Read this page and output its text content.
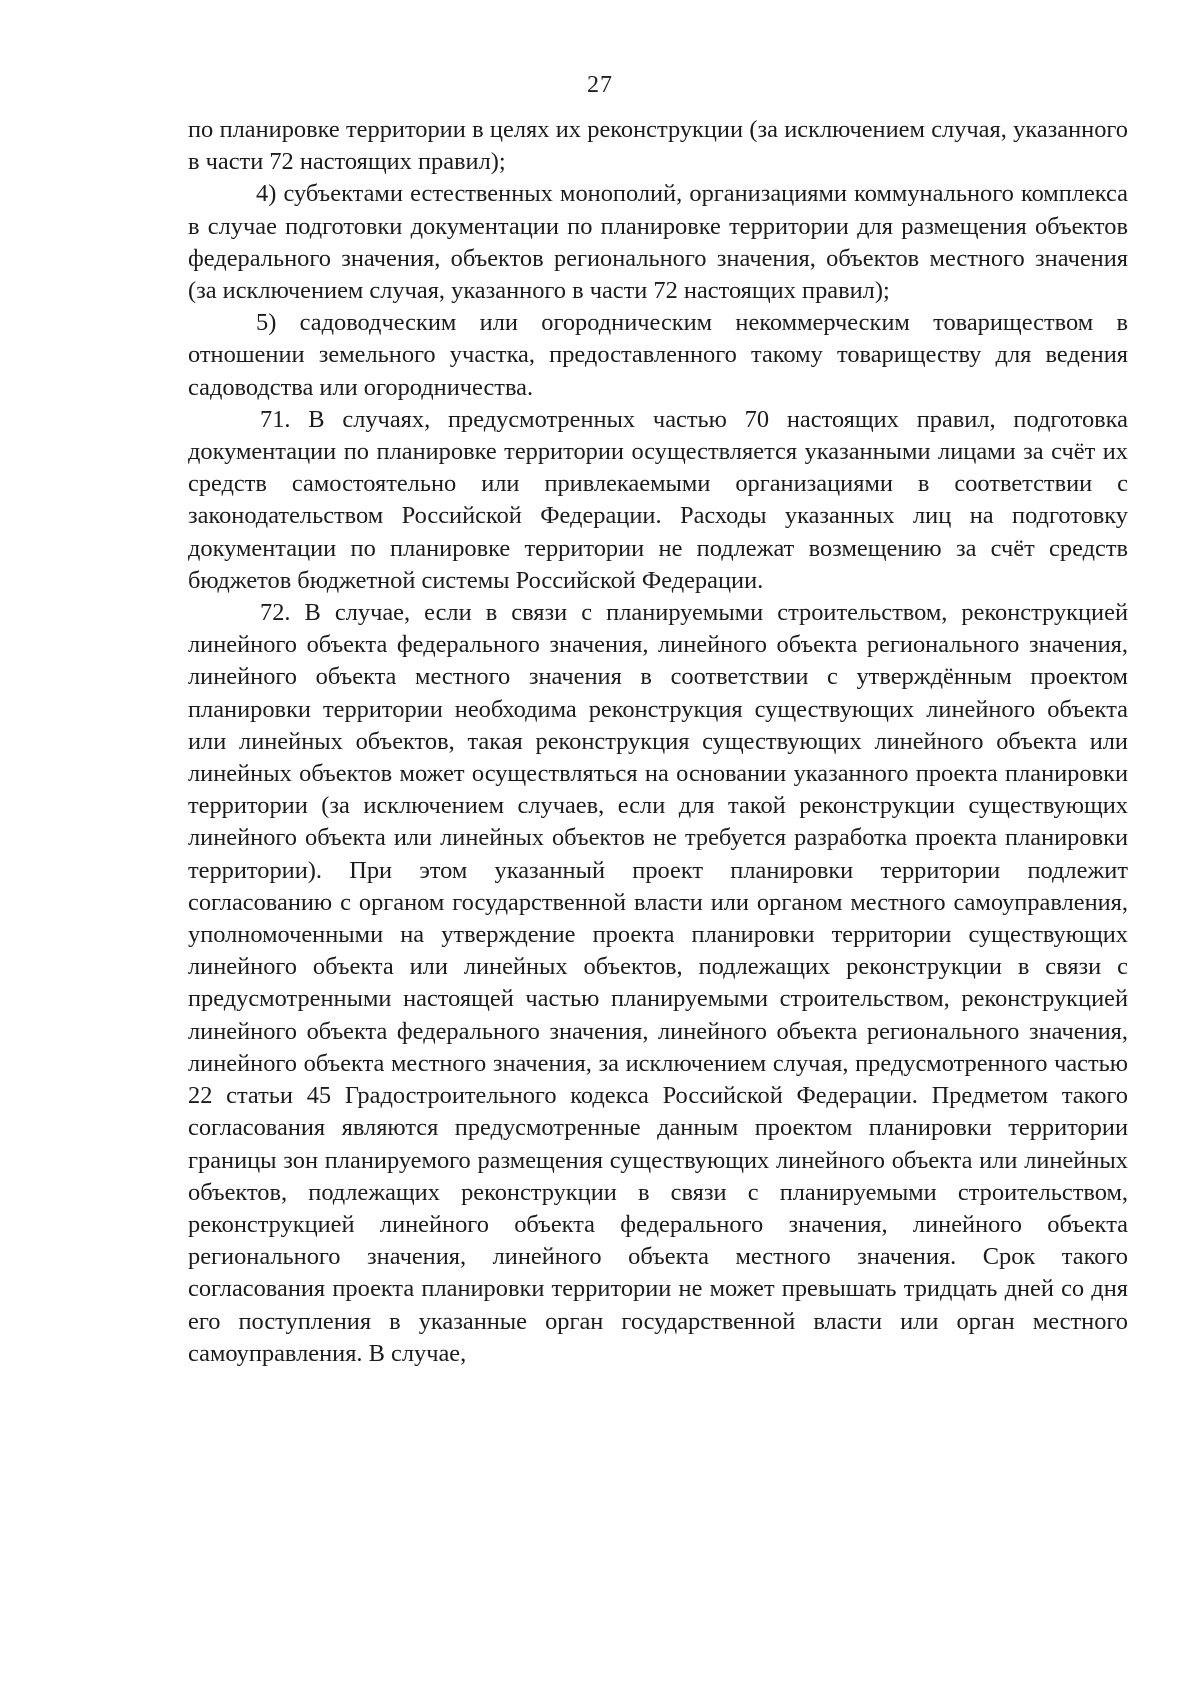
27

по планировке территории в целях их реконструкции (за исключением случая, указанного в части 72 настоящих правил);

4) субъектами естественных монополий, организациями коммунального комплекса в случае подготовки документации по планировке территории для размещения объектов федерального значения, объектов регионального значения, объектов местного значения (за исключением случая, указанного в части 72 настоящих правил);

5) садоводческим или огородническим некоммерческим товариществом в отношении земельного участка, предоставленного такому товариществу для ведения садоводства или огородничества.

71. В случаях, предусмотренных частью 70 настоящих правил, подготовка документации по планировке территории осуществляется указанными лицами за счёт их средств самостоятельно или привлекаемыми организациями в соответствии с законодательством Российской Федерации. Расходы указанных лиц на подготовку документации по планировке территории не подлежат возмещению за счёт средств бюджетов бюджетной системы Российской Федерации.

72. В случае, если в связи с планируемыми строительством, реконструкцией линейного объекта федерального значения, линейного объекта регионального значения, линейного объекта местного значения в соответствии с утверждённым проектом планировки территории необходима реконструкция существующих линейного объекта или линейных объектов, такая реконструкция существующих линейного объекта или линейных объектов может осуществляться на основании указанного проекта планировки территории (за исключением случаев, если для такой реконструкции существующих линейного объекта или линейных объектов не требуется разработка проекта планировки территории). При этом указанный проект планировки территории подлежит согласованию с органом государственной власти или органом местного самоуправления, уполномоченными на утверждение проекта планировки территории существующих линейного объекта или линейных объектов, подлежащих реконструкции в связи с предусмотренными настоящей частью планируемыми строительством, реконструкцией линейного объекта федерального значения, линейного объекта регионального значения, линейного объекта местного значения, за исключением случая, предусмотренного частью 22 статьи 45 Градостроительного кодекса Российской Федерации. Предметом такого согласования являются предусмотренные данным проектом планировки территории границы зон планируемого размещения существующих линейного объекта или линейных объектов, подлежащих реконструкции в связи с планируемыми строительством, реконструкцией линейного объекта федерального значения, линейного объекта регионального значения, линейного объекта местного значения. Срок такого согласования проекта планировки территории не может превышать тридцать дней со дня его поступления в указанные орган государственной власти или орган местного самоуправления. В случае,
